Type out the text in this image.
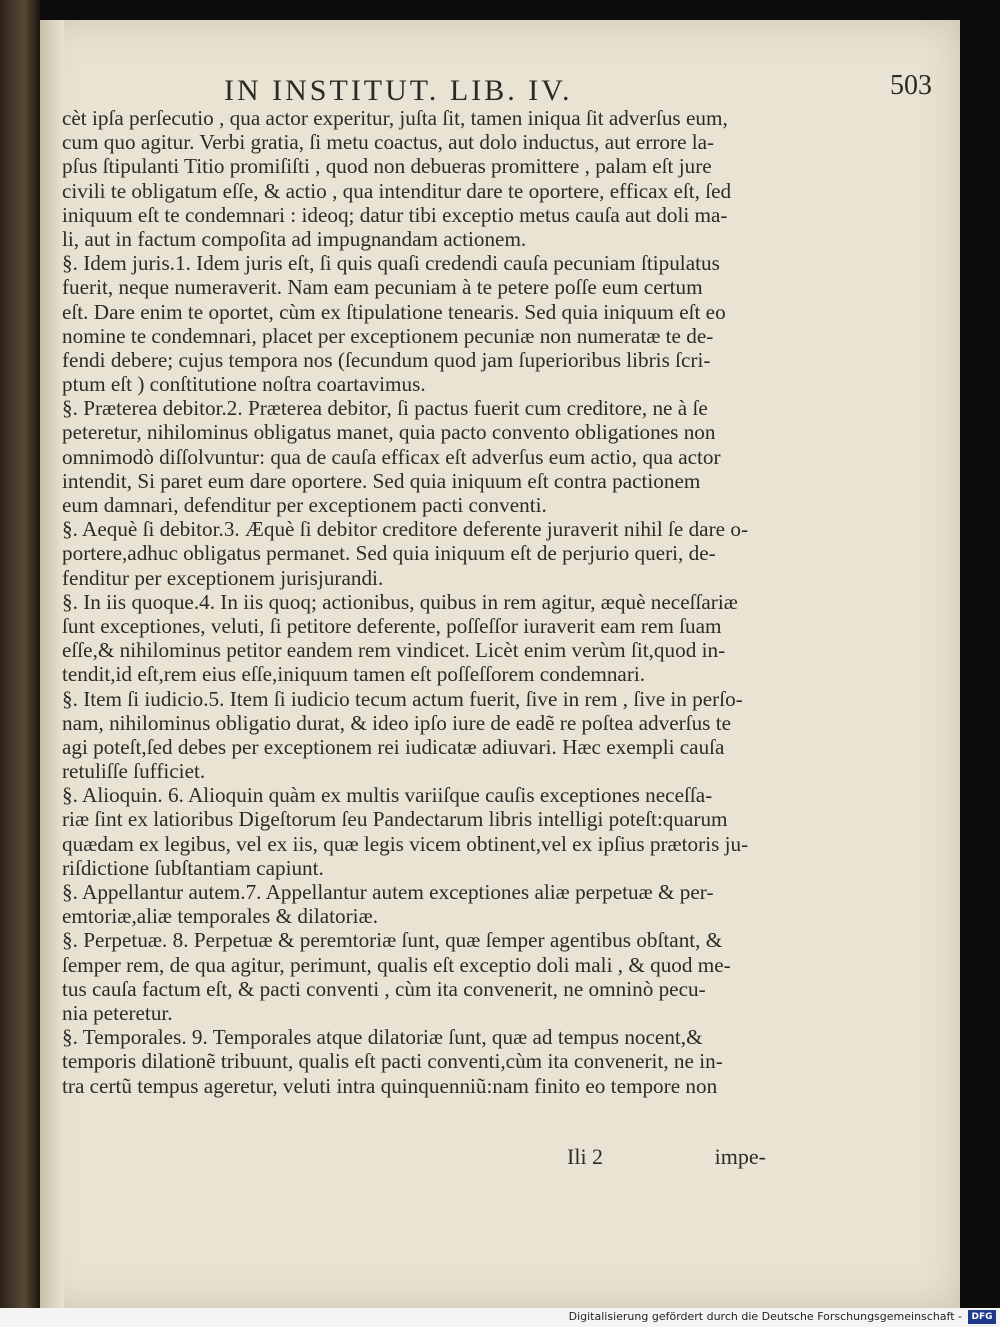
IN INSTITUT. LIB. IV.	503
cèt ipſa perſecutio , qua actor experitur, juſta ſit, tamen iniqua ſit adverſus eum,
cum quo agitur. Verbi gratia, ſi metu coactus, aut dolo inductus, aut errore la-
pſus ſtipulanti Titio promiſiſti , quod non debueras promittere , palam eſt jure
civili te obligatum eſſe, & actio , qua intenditur dare te oportere, efficax eſt, ſed
iniquum eſt te condemnari : ideoq; datur tibi exceptio metus cauſa aut doli ma-
li, aut in factum compoſita ad impugnandam actionem.
§. Idem juris.1. Idem juris eſt, ſi quis quaſi credendi cauſa pecuniam ſtipulatus
fuerit, neque numeraverit. Nam eam pecuniam à te petere poſſe eum certum
eſt. Dare enim te oportet, cùm ex ſtipulatione tenearis. Sed quia iniquum eſt eo
nomine te condemnari, placet per exceptionem pecuniæ non numeratæ te de-
fendi debere; cujus tempora nos (ſecundum quod jam ſuperioribus libris ſcri-
ptum eſt ) conſtitutione noſtra coartavimus.
§. Præterea debitor.2. Præterea debitor, ſi pactus fuerit cum creditore, ne à ſe
peteretur, nihilominus obligatus manet, quia pacto convento obligationes non
omnimodò diſſolvuntur: qua de cauſa efficax eſt adverſus eum actio, qua actor
intendit, Si paret eum dare oportere. Sed quia iniquum eſt contra pactionem
eum damnari, defenditur per exceptionem pacti conventi.
§. Aequè ſi debitor.3. Æquè ſi debitor creditore deferente juraverit nihil ſe dare o-
portere,adhuc obligatus permanet. Sed quia iniquum eſt de perjurio queri, de-
fenditur per exceptionem jurisjurandi.
§. In iis quoque.4. In iis quoq; actionibus, quibus in rem agitur, æquè neceſſariæ
ſunt exceptiones, veluti, ſi petitore deferente, poſſeſſor iuraverit eam rem ſuam
eſſe,& nihilominus petitor eandem rem vindicet. Licèt enim verùm ſit,quod in-
tendit,id eſt,rem eius eſſe,iniquum tamen eſt poſſeſſorem condemnari.
§. Item ſi iudicio.5. Item ſi iudicio tecum actum fuerit, ſive in rem , ſive in perſo-
nam, nihilominus obligatio durat, & ideo ipſo iure de eadẽ re poſtea adverſus te
agi poteſt,ſed debes per exceptionem rei iudicatæ adiuvari. Hæc exempli cauſa
retuliſſe ſufficiet.
§. Alioquin. 6. Alioquin quàm ex multis variiſque cauſis exceptiones neceſſa-
riæ ſint ex latioribus Digeſtorum ſeu Pandectarum libris intelligi poteſt:quarum
quædam ex legibus, vel ex iis, quæ legis vicem obtinent,vel ex ipſius prætoris ju-
riſdictione ſubſtantiam capiunt.
§. Appellantur autem.7. Appellantur autem exceptiones aliæ perpetuæ & per-
emtoriæ,aliæ temporales & dilatoriæ.
§. Perpetuæ. 8. Perpetuæ & peremtoriæ ſunt, quæ ſemper agentibus obſtant, &
ſemper rem, de qua agitur, perimunt, qualis eſt exceptio doli mali , & quod me-
tus cauſa factum eſt, & pacti conventi , cùm ita convenerit, ne omninò pecu-
nia peteretur.
§. Temporales. 9. Temporales atque dilatoriæ ſunt, quæ ad tempus nocent,&
temporis dilationẽ tribuunt, qualis eſt pacti conventi,cùm ita convenerit, ne in-
tra certũ tempus ageretur, veluti intra quinquenniũ:nam finito eo tempore non
Ili 2	impe-
Digitalisierung gefördert durch die Deutsche Forschungsgemeinschaft -	DFG
